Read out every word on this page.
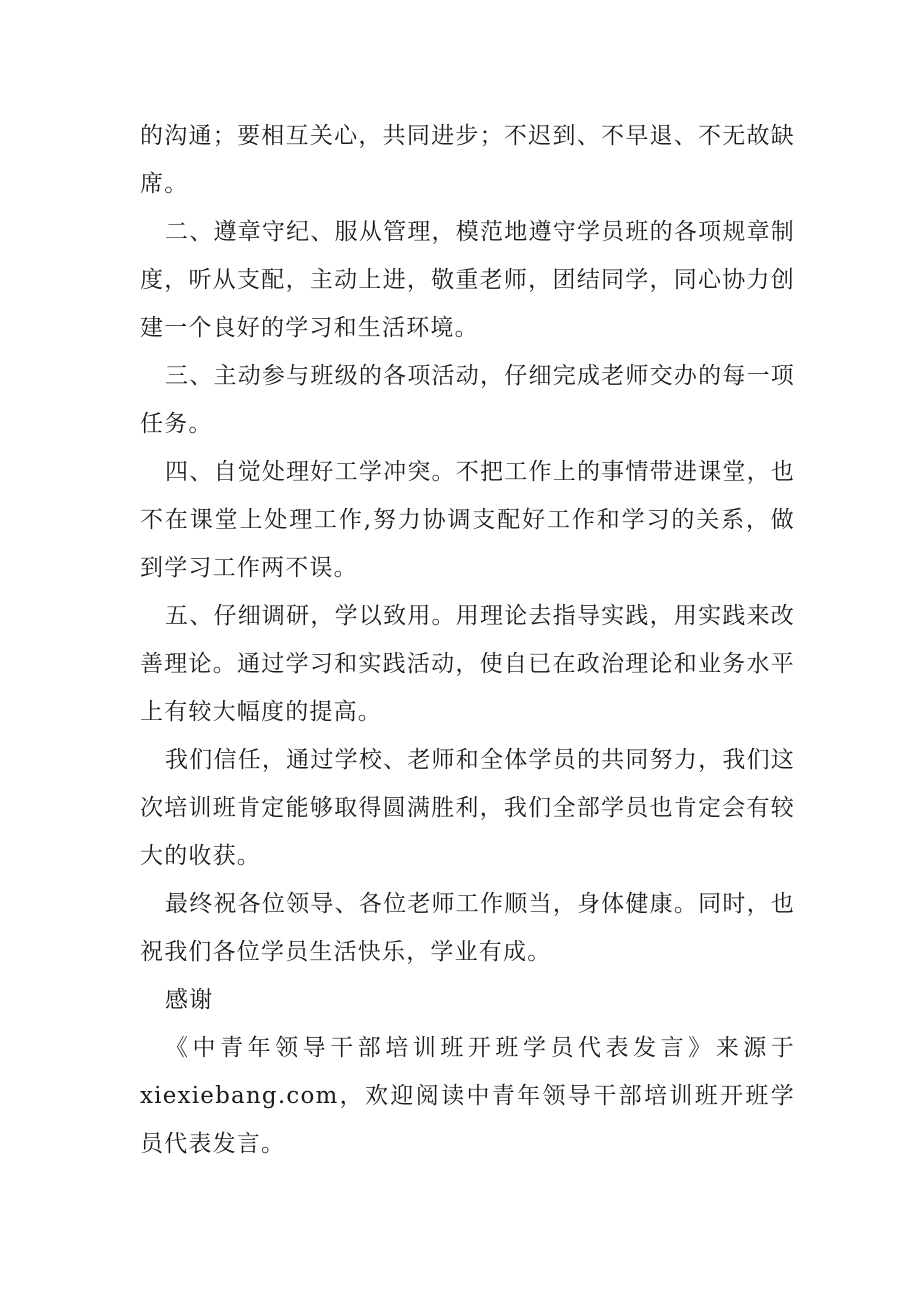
的沟通；要相互关心，共同进步；不迟到、不早退、不无故缺席。

二、遵章守纪、服从管理，模范地遵守学员班的各项规章制度，听从支配，主动上进，敬重老师，团结同学，同心协力创建一个良好的学习和生活环境。

三、主动参与班级的各项活动，仔细完成老师交办的每一项任务。

四、自觉处理好工学冲突。不把工作上的事情带进课堂，也不在课堂上处理工作,努力协调支配好工作和学习的关系，做到学习工作两不误。

五、仔细调研，学以致用。用理论去指导实践，用实践来改善理论。通过学习和实践活动，使自已在政治理论和业务水平上有较大幅度的提高。

我们信任，通过学校、老师和全体学员的共同努力，我们这次培训班肯定能够取得圆满胜利，我们全部学员也肯定会有较大的收获。

最终祝各位领导、各位老师工作顺当，身体健康。同时，也祝我们各位学员生活快乐，学业有成。

感谢

《中青年领导干部培训班开班学员代表发言》来源于xiexiebang.com，欢迎阅读中青年领导干部培训班开班学员代表发言。
